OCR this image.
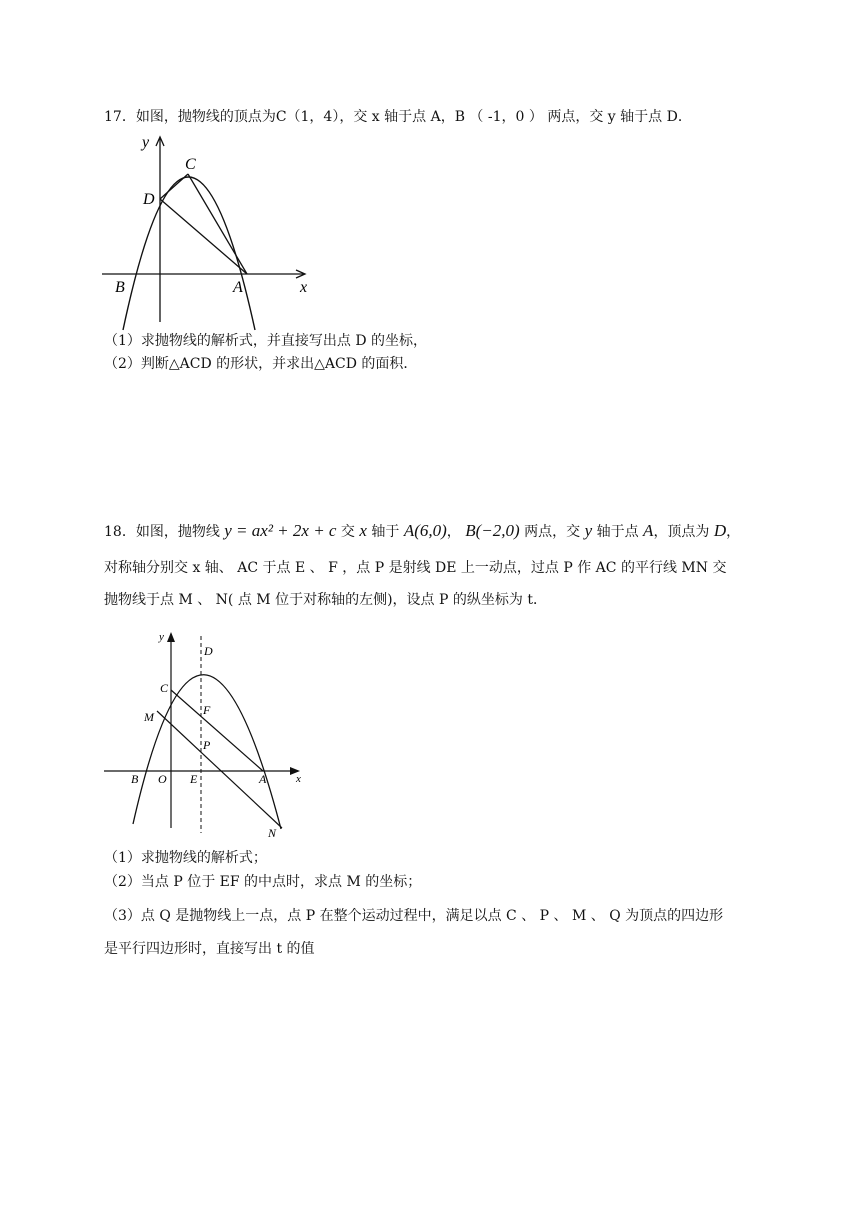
17．如图，抛物线的顶点为C（1，4），交 x 轴于点 A，B （ -1，0 ） 两点，交 y 轴于点 D．
y
x
C
D
B	A
（1）求抛物线的解析式，并直接写出点 D 的坐标，
（2）判断△ACD 的形状，并求出△ACD 的面积．
18．如图，抛物线 y = ax² + 2x + c 交 x 轴于 A(6,0)， B(−2,0) 两点，交 y 轴于点 A，顶点为 D，
对称轴分别交 x 轴、 AC 于点 E 、 F ，点 P 是射线 DE 上一动点，过点 P 作 AC 的平行线 MN 交
抛物线于点 M 、 N( 点 M 位于对称轴的左侧)，设点 P 的纵坐标为 t．
y
x
D
C
M	F
P
B O E	A
N
（1）求抛物线的解析式；
（2）当点 P 位于 EF 的中点时，求点 M 的坐标；
（3）点 Q 是抛物线上一点，点 P 在整个运动过程中，满足以点 C 、 P 、 M 、 Q 为顶点的四边形
是平行四边形时，直接写出 t 的值
